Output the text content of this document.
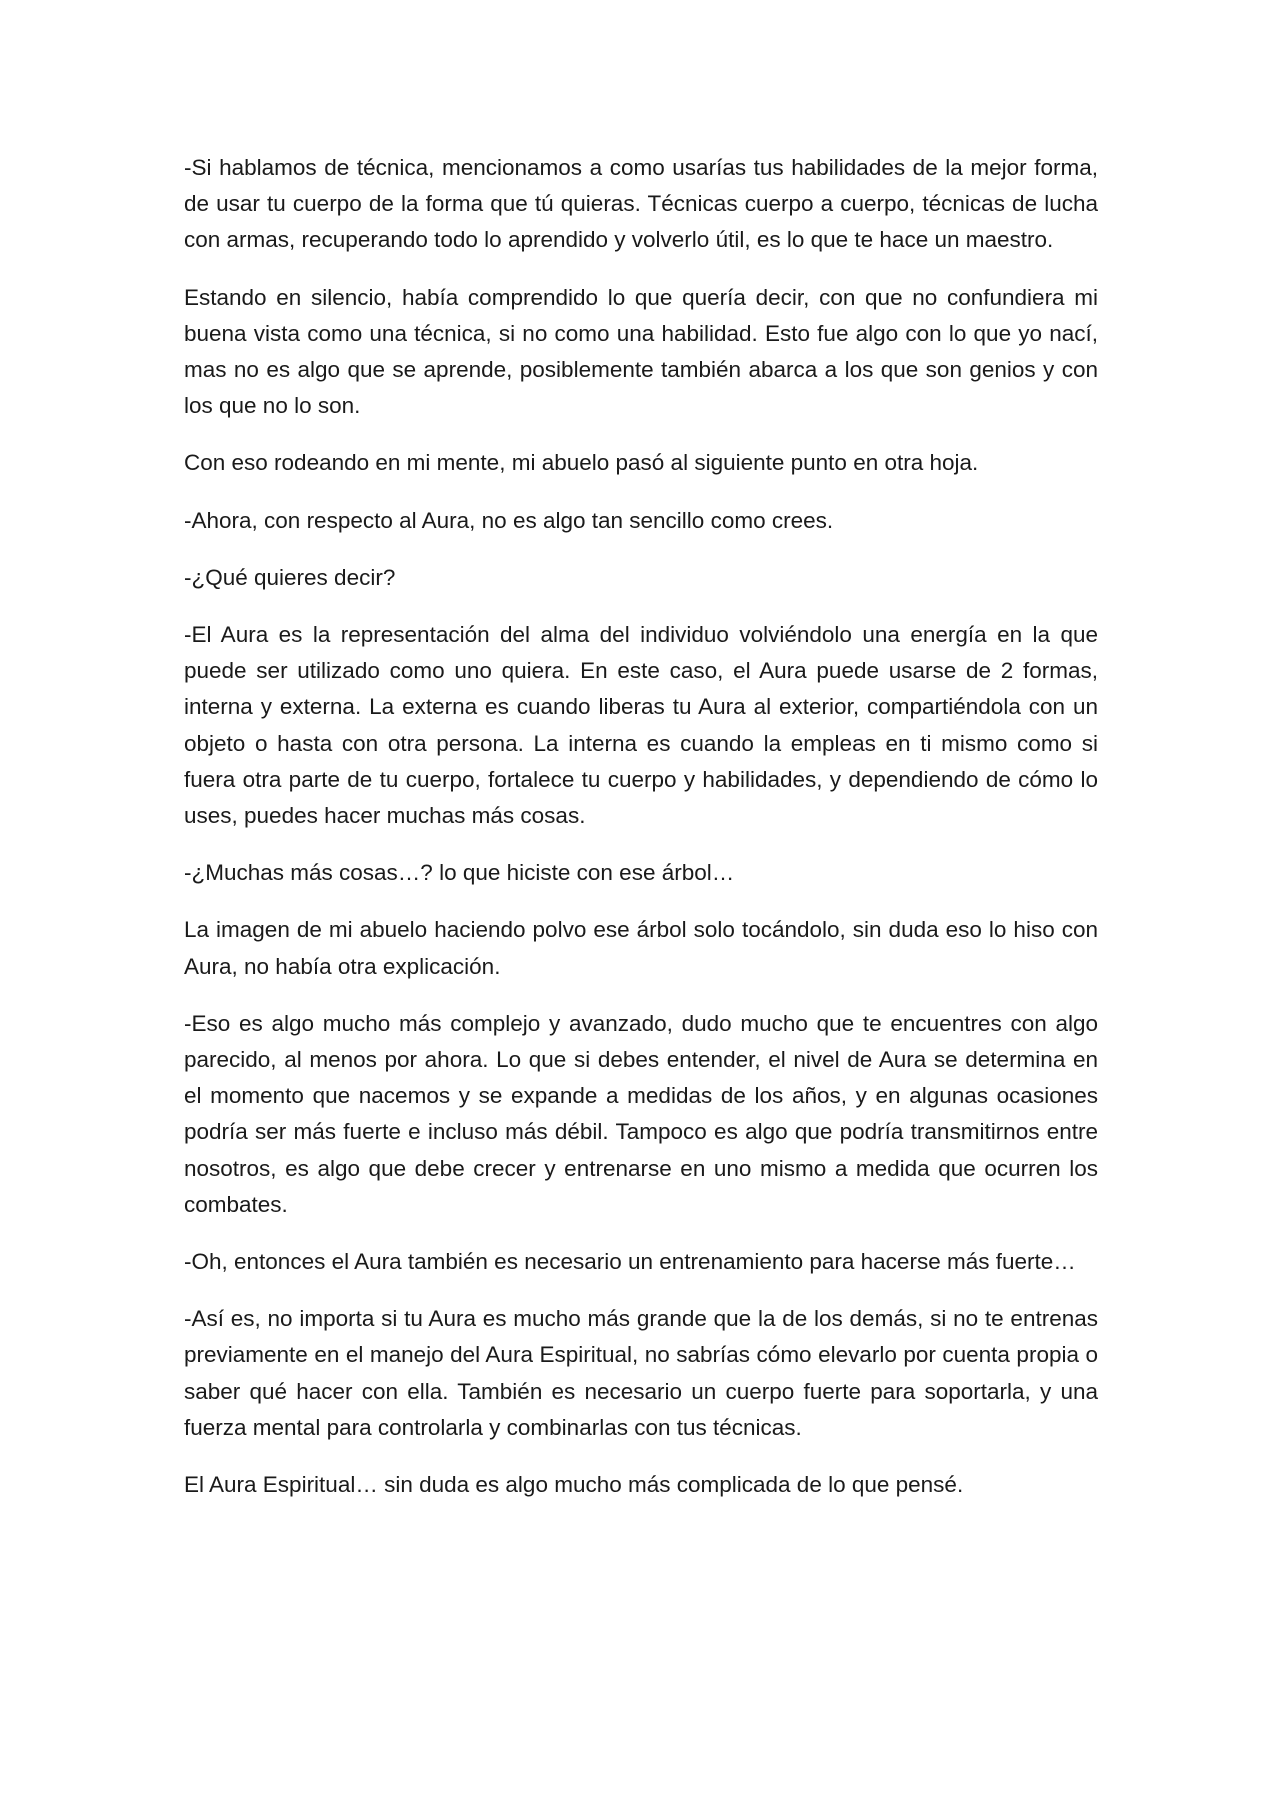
-Si hablamos de técnica, mencionamos a como usarías tus habilidades de la mejor forma, de usar tu cuerpo de la forma que tú quieras. Técnicas cuerpo a cuerpo, técnicas de lucha con armas, recuperando todo lo aprendido y volverlo útil, es lo que te hace un maestro.

Estando en silencio, había comprendido lo que quería decir, con que no confundiera mi buena vista como una técnica, si no como una habilidad. Esto fue algo con lo que yo nací, mas no es algo que se aprende, posiblemente también abarca a los que son genios y con los que no lo son.

Con eso rodeando en mi mente, mi abuelo pasó al siguiente punto en otra hoja.

-Ahora, con respecto al Aura, no es algo tan sencillo como crees.

-¿Qué quieres decir?

-El Aura es la representación del alma del individuo volviéndolo una energía en la que puede ser utilizado como uno quiera. En este caso, el Aura puede usarse de 2 formas, interna y externa. La externa es cuando liberas tu Aura al exterior, compartiéndola con un objeto o hasta con otra persona. La interna es cuando la empleas en ti mismo como si fuera otra parte de tu cuerpo, fortalece tu cuerpo y habilidades, y dependiendo de cómo lo uses, puedes hacer muchas más cosas.

-¿Muchas más cosas…? lo que hiciste con ese árbol…

La imagen de mi abuelo haciendo polvo ese árbol solo tocándolo, sin duda eso lo hiso con Aura, no había otra explicación.

-Eso es algo mucho más complejo y avanzado, dudo mucho que te encuentres con algo parecido, al menos por ahora. Lo que si debes entender, el nivel de Aura se determina en el momento que nacemos y se expande a medidas de los años, y en algunas ocasiones podría ser más fuerte e incluso más débil. Tampoco es algo que podría transmitirnos entre nosotros, es algo que debe crecer y entrenarse en uno mismo a medida que ocurren los combates.

-Oh, entonces el Aura también es necesario un entrenamiento para hacerse más fuerte…

-Así es, no importa si tu Aura es mucho más grande que la de los demás, si no te entrenas previamente en el manejo del Aura Espiritual, no sabrías cómo elevarlo por cuenta propia o saber qué hacer con ella. También es necesario un cuerpo fuerte para soportarla, y una fuerza mental para controlarla y combinarlas con tus técnicas.

El Aura Espiritual… sin duda es algo mucho más complicada de lo que pensé.
